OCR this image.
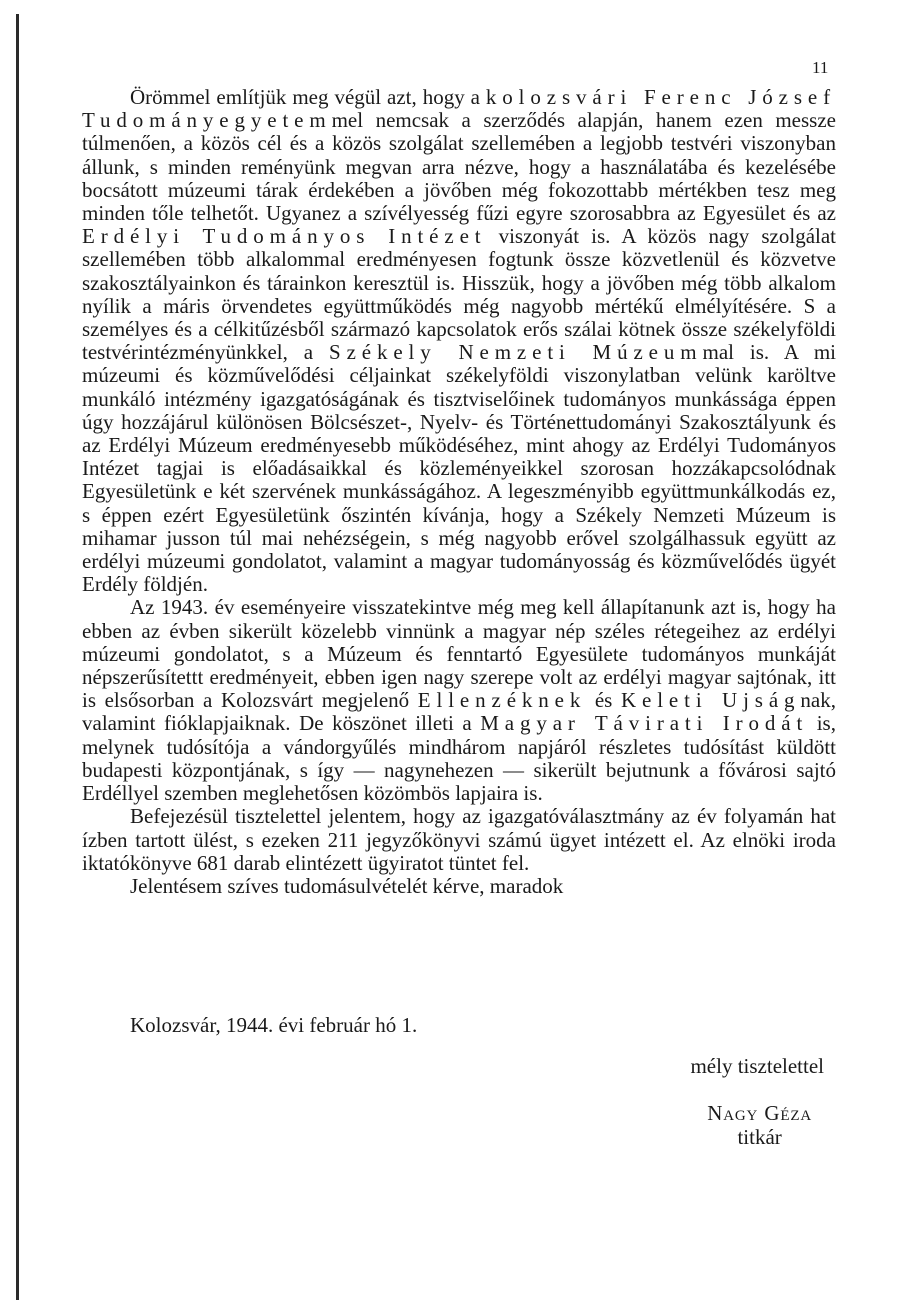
11

Örömmel említjük meg végül azt, hogy a kolozsvári Ferenc József Tudományegyetemmel nemcsak a szerződés alapján, hanem ezen messze túlmenően, a közös cél és a közös szolgálat szellemében a legjobb testvéri viszonyban állunk, s minden reményünk megvan arra nézve, hogy a használatába és kezelésébe bocsátott múzeumi tárak érdekében a jövőben még fokozottabb mértékben tesz meg minden tőle telhetőt. Ugyanez a szívélyesség fűzi egyre szorosabbra az Egyesület és az Erdélyi Tudományos Intézet viszonyát is. A közös nagy szolgálat szellemében több alkalommal eredményesen fogtunk össze közvetlenül és közvetve szakosztályainkon és tárainkon keresztül is. Hisszük, hogy a jövőben még több alkalom nyílik a máris örvendetes együttműködés még nagyobb mértékű elmélyítésére. S a személyes és a célkitűzésből származó kapcsolatok erős szálai kötnek össze székelyföldi testvérintézményünkkel, a Székely Nemzeti Múzeummal is. A mi múzeumi és közművelődési céljainkat székelyföldi viszonylatban velünk karöltve munkáló intézmény igazgatóságának és tisztviselőinek tudományos munkássága éppen úgy hozzájárul különösen Bölcsészet-, Nyelv- és Történettudományi Szakosztályunk és az Erdélyi Múzeum eredményesebb működéséhez, mint ahogy az Erdélyi Tudományos Intézet tagjai is előadásaikkal és közleményeikkel szorosan hozzákapcsolódnak Egyesületünk e két szervének munkásságához. A legeszményibb együttmunkálkodás ez, s éppen ezért Egyesületünk őszintén kívánja, hogy a Székely Nemzeti Múzeum is mihamar jusson túl mai nehézségein, s még nagyobb erővel szolgálhassuk együtt az erdélyi múzeumi gondolatot, valamint a magyar tudományosság és közművelődés ügyét Erdély földjén.

Az 1943. év eseményeire visszatekintve még meg kell állapítanunk azt is, hogy ha ebben az évben sikerült közelebb vinnünk a magyar nép széles rétegeihez az erdélyi múzeumi gondolatot, s a Múzeum és fenntartó Egyesülete tudományos munkáját népszerűsítettt eredményeit, ebben igen nagy szerepe volt az erdélyi magyar sajtónak, itt is elsősorban a Kolozsvárt megjelenő Ellenzéknek és Keleti Ujságnak, valamint fióklapjaiknak. De köszönet illeti a Magyar Távirati Irodát is, melynek tudósítója a vándorgyűlés mindhárom napjáról részletes tudósítást küldött budapesti központjának, s így — nagynehezen — sikerült bejutnunk a fővárosi sajtó Erdéllyel szemben meglehetősen közömbös lapjaira is.

Befejezésül tisztelettel jelentem, hogy az igazgatóválasztmány az év folyamán hat ízben tartott ülést, s ezeken 211 jegyzőkönyvi számú ügyet intézett el. Az elnöki iroda iktatókönyve 681 darab elintézett ügyiratot tüntet fel.

Jelentésem szíves tudomásulvételét kérve, maradok

Kolozsvár, 1944. évi február hó 1.
mély tisztelettel
Nagy Géza
titkár
